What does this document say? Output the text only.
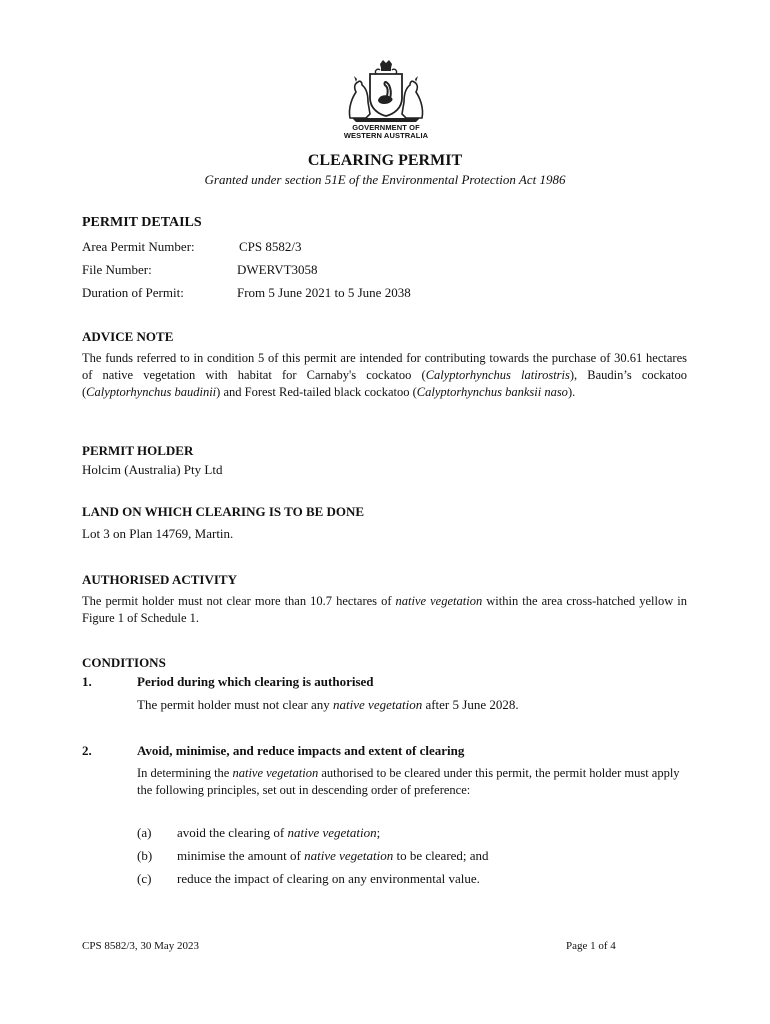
GOVERNMENT OF
WESTERN AUSTRALIA
CLEARING PERMIT
Granted under section 51E of the Environmental Protection Act 1986
PERMIT DETAILS
Area Permit Number:	CPS 8582/3
File Number:	DWERVT3058
Duration of Permit:	From 5 June 2021 to 5 June 2038
ADVICE NOTE
The funds referred to in condition 5 of this permit are intended for contributing towards the purchase of 30.61 hectares of native vegetation with habitat for Carnaby's cockatoo (Calyptorhynchus latirostris), Baudin’s cockatoo (Calyptorhynchus baudinii) and Forest Red-tailed black cockatoo (Calyptorhynchus banksii naso).
PERMIT HOLDER
Holcim (Australia) Pty Ltd
LAND ON WHICH CLEARING IS TO BE DONE
Lot 3 on Plan 14769, Martin.
AUTHORISED ACTIVITY
The permit holder must not clear more than 10.7 hectares of native vegetation within the area cross-hatched yellow in Figure 1 of Schedule 1.
CONDITIONS
1.	Period during which clearing is authorised
The permit holder must not clear any native vegetation after 5 June 2028.
2.	Avoid, minimise, and reduce impacts and extent of clearing
In determining the native vegetation authorised to be cleared under this permit, the permit holder must apply the following principles, set out in descending order of preference:
(a) avoid the clearing of native vegetation;
(b) minimise the amount of native vegetation to be cleared; and
(c) reduce the impact of clearing on any environmental value.
CPS 8582/3, 30 May 2023	Page 1 of 4
